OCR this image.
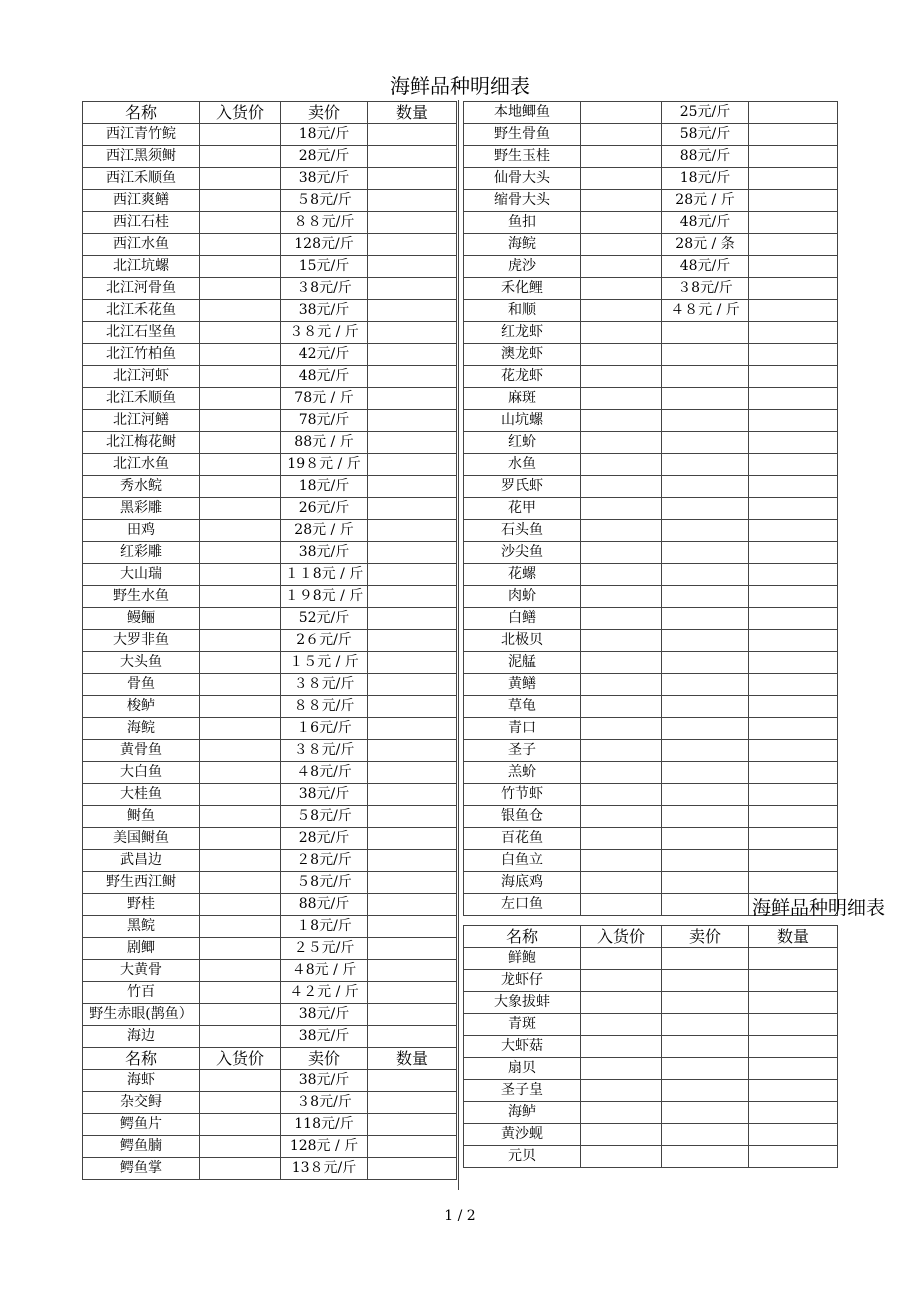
海鲜品种明细表
名称	入货价	卖价	数量
西江青竹鲩		18元/斤	
西江黑须鲥		28元/斤	
西江禾顺鱼		38元/斤	
西江爽鳝		５8元/斤	
西江石桂		８８元/斤	
西江水鱼		128元/斤	
北江坑螺		15元/斤	
北江河骨鱼		３8元/斤	
北江禾花鱼		38元/斤	
北江石坚鱼		３８元 / 斤	
北江竹柏鱼		42元/斤	
北江河虾		48元/斤	
北江禾顺鱼		78元 / 斤	
北江河鳝		78元/斤	
北江梅花鲥		88元 / 斤	
北江水鱼		19８元 / 斤	
秀水鲩		18元/斤	
黑彩雕		26元/斤	
田鸡		28元 / 斤	
红彩雕		38元/斤	
大山瑞		１１8元 / 斤	
野生水鱼		１９8元 / 斤	
鳗鲡		52元/斤	
大罗非鱼		2６元/斤	
大头鱼		１５元 / 斤	
骨鱼		３８元/斤	
梭鲈		８８元/斤	
海鲩		１6元/斤	
黄骨鱼		３８元/斤	
大白鱼		４8元/斤	
大桂鱼		38元/斤	
鲥鱼		５8元/斤	
美国鲥鱼		28元/斤	
武昌边		２8元/斤	
野生西江鲥		５8元/斤	
野桂		88元/斤	
黑鲩		１8元/斤	
剧鲫		２５元/斤	
大黄骨		４8元 / 斤	
竹百		４２元 / 斤	
野生赤眼(鹊鱼）		38元/斤	
海边		38元/斤	
名称	入货价	卖价	数量
海虾		38元/斤	
杂交鲟		３8元/斤	
鳄鱼片		118元/斤	
鳄鱼腩		128元 / 斤	
鳄鱼掌		13８元/斤	
本地鲫鱼		25元/斤	
野生骨鱼		58元/斤	
野生玉桂		88元/斤	
仙骨大头		18元/斤	
缩骨大头		28元 / 斤	
鱼扣		48元/斤	
海鲩		28元 / 条	
虎沙		48元/斤	
禾化鲤		３8元/斤	
和顺		４８元 / 斤	
红龙虾			
澳龙虾			
花龙虾			
麻斑			
山坑螺			
红蚧			
水鱼			
罗氏虾			
花甲			
石头鱼			
沙尖鱼			
花螺			
肉蚧			
白鳝			
北极贝			
泥艋			
黄鳝			
草龟			
青口			
圣子			
羔蚧			
竹节虾			
银鱼仓			
百花鱼			
白鱼立			
海底鸡			
左口鱼				海鲜品种明细表
名称	入货价	卖价	数量
鲜鲍			
龙虾仔			
大象拔蚌			
青斑			
大虾菇			
扇贝			
圣子皇			
海鲈			
黄沙蚬			
元贝			
1 / 2
